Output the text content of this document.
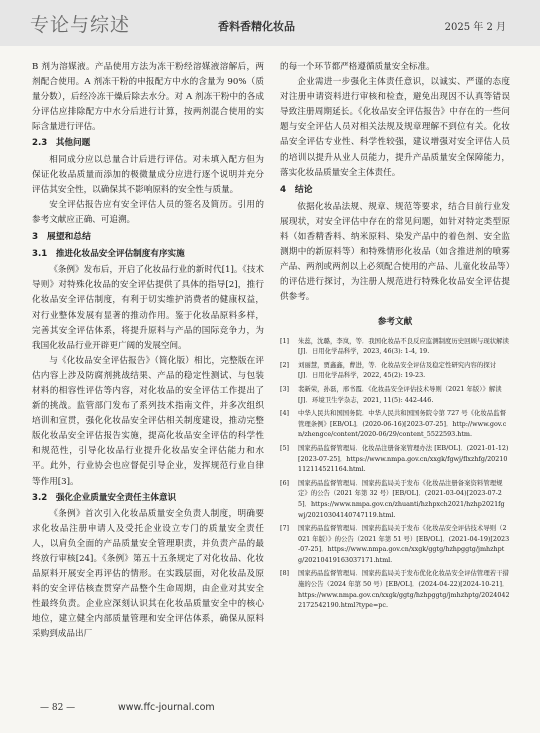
专论与综述	香料香精化妆品	2025 年 2 月

B 剂为溶媒液。产品使用方法为冻干粉经溶媒液溶解后，两剂配合使用。A 剂冻干粉的申报配方中水的含量为 90%（质量分数），后经冷冻干燥后除去水分。对 A 剂冻干粉中的各成分评估应排除配方中水分后进行计算，按两剂混合使用的实际含量进行评估。

2.3　其他问题

相同成分应以总量合计后进行评估。对未填入配方但为保证化妆品质量而添加的极微量成分应进行逐个说明并充分评估其安全性，以确保其不影响原料的安全性与质量。

安全评估报告应有安全评估人员的签名及简历。引用的参考文献应正确、可追溯。

3　展望和总结
3.1　推进化妆品安全评估制度有序实施

《条例》发布后，开启了化妆品行业的新时代[1]。《技术导则》对特殊化妆品的安全评估提供了具体的指导[2]，推行化妆品安全评估制度，有利于切实维护消费者的健康权益，对行业整体发展有显著的推动作用。鉴于化妆品原料多样，完善其安全评估体系，将提升原料与产品的国际竞争力，为我国化妆品行业开辟更广阔的发展空间。

与《化妆品安全评估报告》（简化版）相比，完整版在评估内容上涉及防腐剂挑战结果、产品的稳定性测试、与包装材料的相容性评估等内容，对化妆品的安全评估工作提出了新的挑战。监管部门发布了系列技术指南文件，并多次组织培训和宣贯，强化化妆品安全评估相关制度建设，推动完整版化妆品安全评估报告实施，提高化妆品安全评估的科学性和规范性，引导化妆品行业提升化妆品安全评估能力和水平。此外，行业协会也应督促引导企业，发挥规范行业自律等作用[3]。

3.2　强化企业质量安全责任主体意识

《条例》首次引入化妆品质量安全负责人制度，明确要求化妆品注册申请人及受托企业设立专门的质量安全责任人，以肩负全面的产品质量安全管理职责，并负责产品的最终放行审核[24]。《条例》第五十五条规定了对化妆品、化妆品原料开展安全再评估的情形。在实践层面，对化妆品及原料的安全评估核查贯穿产品整个生命周期，由企业对其安全性最终负责。企业应深刻认识其在化妆品质量安全中的核心地位，建立健全内部质量管理和安全评估体系，确保从原料采购到成品出厂

的每一个环节都严格遵循质量安全标准。

企业需进一步强化主体责任意识，以诚实、严谨的态度对注册申请资料进行审核和检查，避免出现因不认真等错误导致注册周期延长。《化妆品安全评估报告》中存在的一些问题与安全评估人员对相关法规及规章理解不到位有关。化妆品安全评估专业性、科学性较强，建议增强对安全评估人员的培训以提升从业人员能力，提升产品质量安全保障能力，落实化妆品质量安全主体责任。

4　结论

依据化妆品法规、规章、规范等要求，结合目前行业发展现状，对安全评估中存在的常见问题，如针对特定类型原料（如香精香料、纳米原料、染发产品中的着色剂、安全监测期中的新原料等）和特殊情形化妆品（如含推进剂的喷雾产品、两剂或两剂以上必须配合使用的产品、儿童化妆品等）的评估进行探讨，为注册人规范进行特殊化妆品安全评估提供参考。

参考文献
[1]	朱蕊，沈璐，李岚，等．我国化妆品不良反应监测制度历史回顾与现状解读 [J]．日用化学品科学，2023, 46(3): 1-4, 19.
[2]	刘丽慧，贾鑫鑫，曹进，等．化妆品安全评估及稳定性研究内容的探讨 [J]．日用化学品科学，2022, 45(2): 19-23.
[3]	裴新荣，孙磊，邢书霞．《化妆品安全评估技术导则（2021 年版）》解读 [J]．环境卫生学杂志，2021, 11(5): 442-446.
[4]	中华人民共和国国务院．中华人民共和国国务院令第 727 号《化妆品监督管理条例》[EB/OL]．(2020-06-16)[2023-07-25]．http://www.gov.cn/zhengce/content/2020-06/29/content_5522593.htm.
[5]	国家药品监督管理局．化妆品注册备案管理办法 [EB/OL]．(2021-01-12)[2023-07-25]．https://www.nmpa.gov.cn/xxgk/fgwj/flxzhfg/20210112114521164.html.
[6]	国家药品监督管理局．国家药监局关于发布《化妆品注册备案资料管理规定》的公告（2021 年第 32 号）[EB/OL]．(2021-03-04)[2023-07-25]．https://www.nmpa.gov.cn/zhuanti/hzhpxch2021/hzhp2021fgwj/20210304140747119.html.
[7]	国家药品监督管理局．国家药监局关于发布《化妆品安全评估技术导则（2021 年版）》的公告（2021 年第 51 号）[EB/OL]．(2021-04-19)[2023-07-25]．https://www.nmpa.gov.cn/xxgk/ggtg/hzhpggtg/jmhzhptg/20210419163037171.html.
[8]	国家药品监督管理局．国家药监局关于发布优化化妆品安全评估管理若干措施的公告（2024 年第 50 号）[EB/OL]．(2024-04-22)[2024-10-21]．https://www.nmpa.gov.cn/xxgk/ggtg/hzhpggtg/jmhzhptg/20240422172542190.html?type=pc.
— 82 —	www.ffc-journal.com
